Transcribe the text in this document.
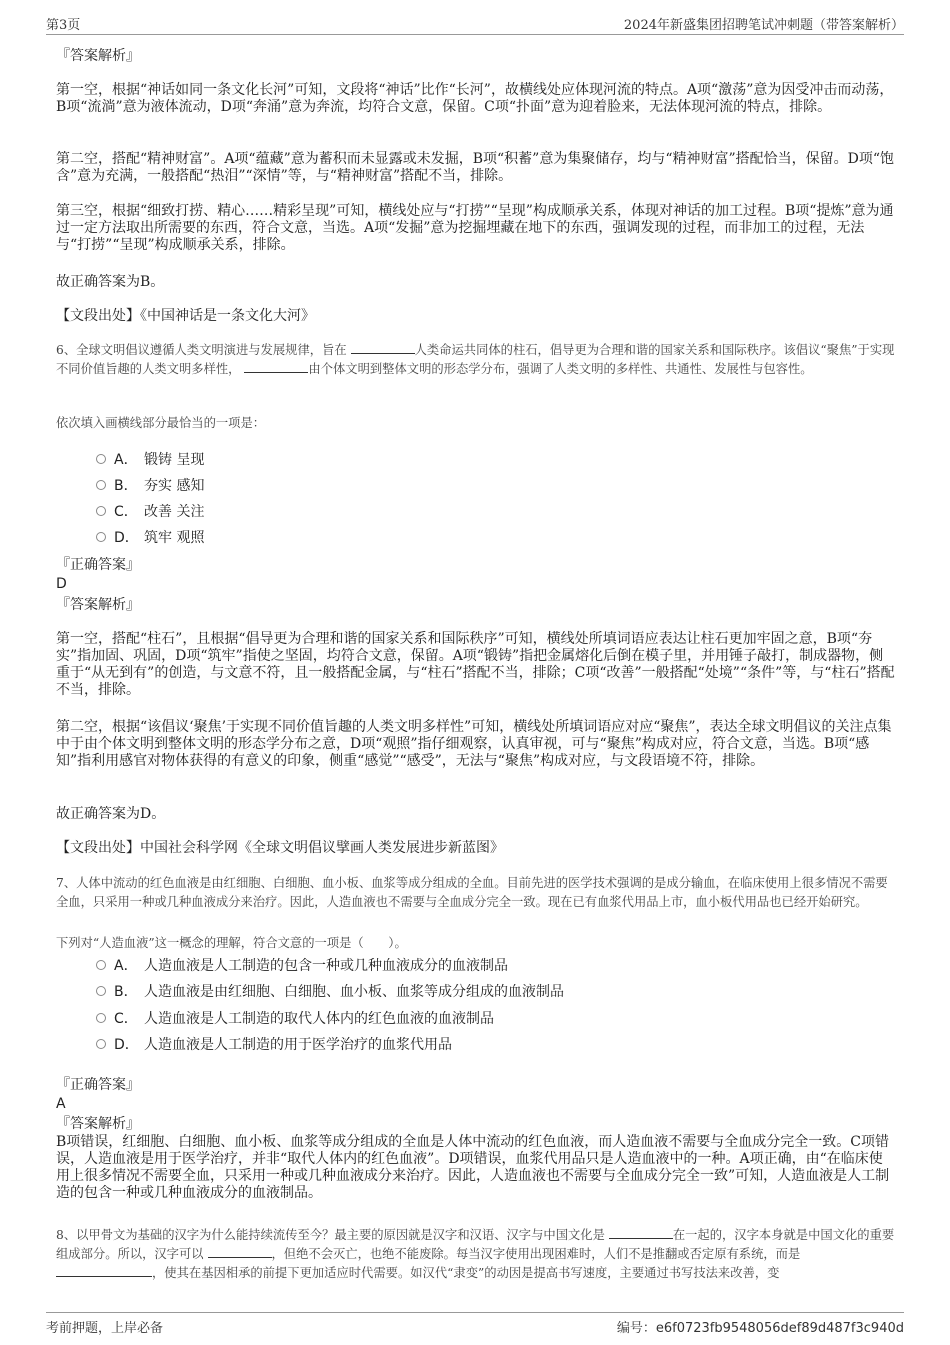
第3页	2024年新盛集团招聘笔试冲刺题（带答案解析）
『答案解析』

第一空，根据“神话如同一条文化长河”可知，文段将“神话”比作“长河”，故横线处应体现河流的特点。A项“激荡”意为因受冲击而动荡，B项“流淌”意为液体流动，D项“奔涌”意为奔流，均符合文意，保留。C项“扑面”意为迎着脸来，无法体现河流的特点，排除。

第二空，搭配“精神财富”。A项“蕴藏”意为蓄积而未显露或未发掘，B项“积蓄”意为集聚储存，均与“精神财富”搭配恰当，保留。D项“饱含”意为充满，一般搭配“热泪”“深情”等，与“精神财富”搭配不当，排除。

第三空，根据“细致打捞、精心……精彩呈现”可知，横线处应与“打捞”“呈现”构成顺承关系，体现对神话的加工过程。B项“提炼”意为通过一定方法取出所需要的东西，符合文意，当选。A项“发掘”意为挖掘埋藏在地下的东西，强调发现的过程，而非加工的过程，无法与“打捞”“呈现”构成顺承关系，排除。

故正确答案为B。
【文段出处】《中国神话是一条文化大河》

6、全球文明倡议遵循人类文明演进与发展规律，旨在	人类命运共同体的柱石，倡导更为合理和谐的国家关系和国际秩序。该倡议“聚焦”于实现不同价值旨趣的人类文明多样性，	由个体文明到整体文明的形态学分布，强调了人类文明的多样性、共通性、发展性与包容性。

依次填入画横线部分最恰当的一项是：
A． 锻铸 呈现
B． 夯实 感知
C． 改善 关注
D． 筑牢 观照
『正确答案』
D
『答案解析』

第一空，搭配“柱石”，且根据“倡导更为合理和谐的国家关系和国际秩序”可知，横线处所填词语应表达让柱石更加牢固之意，B项“夯实”指加固、巩固，D项“筑牢”指使之坚固，均符合文意，保留。A项“锻铸”指把金属熔化后倒在模子里，并用锤子敲打，制成器物，侧重于“从无到有”的创造，与文意不符，且一般搭配金属，与“柱石”搭配不当，排除；C项“改善”一般搭配“处境”“条件”等，与“柱石”搭配不当，排除。

第二空，根据“该倡议‘聚焦’于实现不同价值旨趣的人类文明多样性”可知，横线处所填词语应对应“聚焦”，表达全球文明倡议的关注点集中于由个体文明到整体文明的形态学分布之意，D项“观照”指仔细观察，认真审视，可与“聚焦”构成对应，符合文意，当选。B项“感知”指利用感官对物体获得的有意义的印象，侧重“感觉”“感受”，无法与“聚焦”构成对应，与文段语境不符，排除。

故正确答案为D。
【文段出处】中国社会科学网《全球文明倡议擘画人类发展进步新蓝图》

7、人体中流动的红色血液是由红细胞、白细胞、血小板、血浆等成分组成的全血。目前先进的医学技术强调的是成分输血，在临床使用上很多情况不需要全血，只采用一种或几种血液成分来治疗。因此，人造血液也不需要与全血成分完全一致。现在已有血浆代用品上市，血小板代用品也已经开始研究。

下列对“人造血液”这一概念的理解，符合文意的一项是（　　）。
A． 人造血液是人工制造的包含一种或几种血液成分的血液制品
B． 人造血液是由红细胞、白细胞、血小板、血浆等成分组成的血液制品
C． 人造血液是人工制造的取代人体内的红色血液的血液制品
D． 人造血液是人工制造的用于医学治疗的血浆代用品
『正确答案』
A
『答案解析』

B项错误，红细胞、白细胞、血小板、血浆等成分组成的全血是人体中流动的红色血液，而人造血液不需要与全血成分完全一致。C项错误，人造血液是用于医学治疗，并非“取代人体内的红色血液”。D项错误，血浆代用品只是人造血液中的一种。A项正确，由“在临床使用上很多情况不需要全血，只采用一种或几种血液成分来治疗。因此，人造血液也不需要与全血成分完全一致”可知，人造血液是人工制造的包含一种或几种血液成分的血液制品。

8、以甲骨文为基础的汉字为什么能持续流传至今？最主要的原因就是汉字和汉语、汉字与中国文化是	在一起的，汉字本身就是中国文化的重要组成部分。所以，汉字可以	，但绝不会灭亡，也绝不能废除。每当汉字使用出现困难时，人们不是推翻或否定原有系统，而是 ，使其在基因相承的前提下更加适应时代需要。如汉代“隶变”的动因是提高书写速度，主要通过书写技法来改善，变

考前押题，上岸必备	编号：e6f0723fb9548056def89d487f3c940d
